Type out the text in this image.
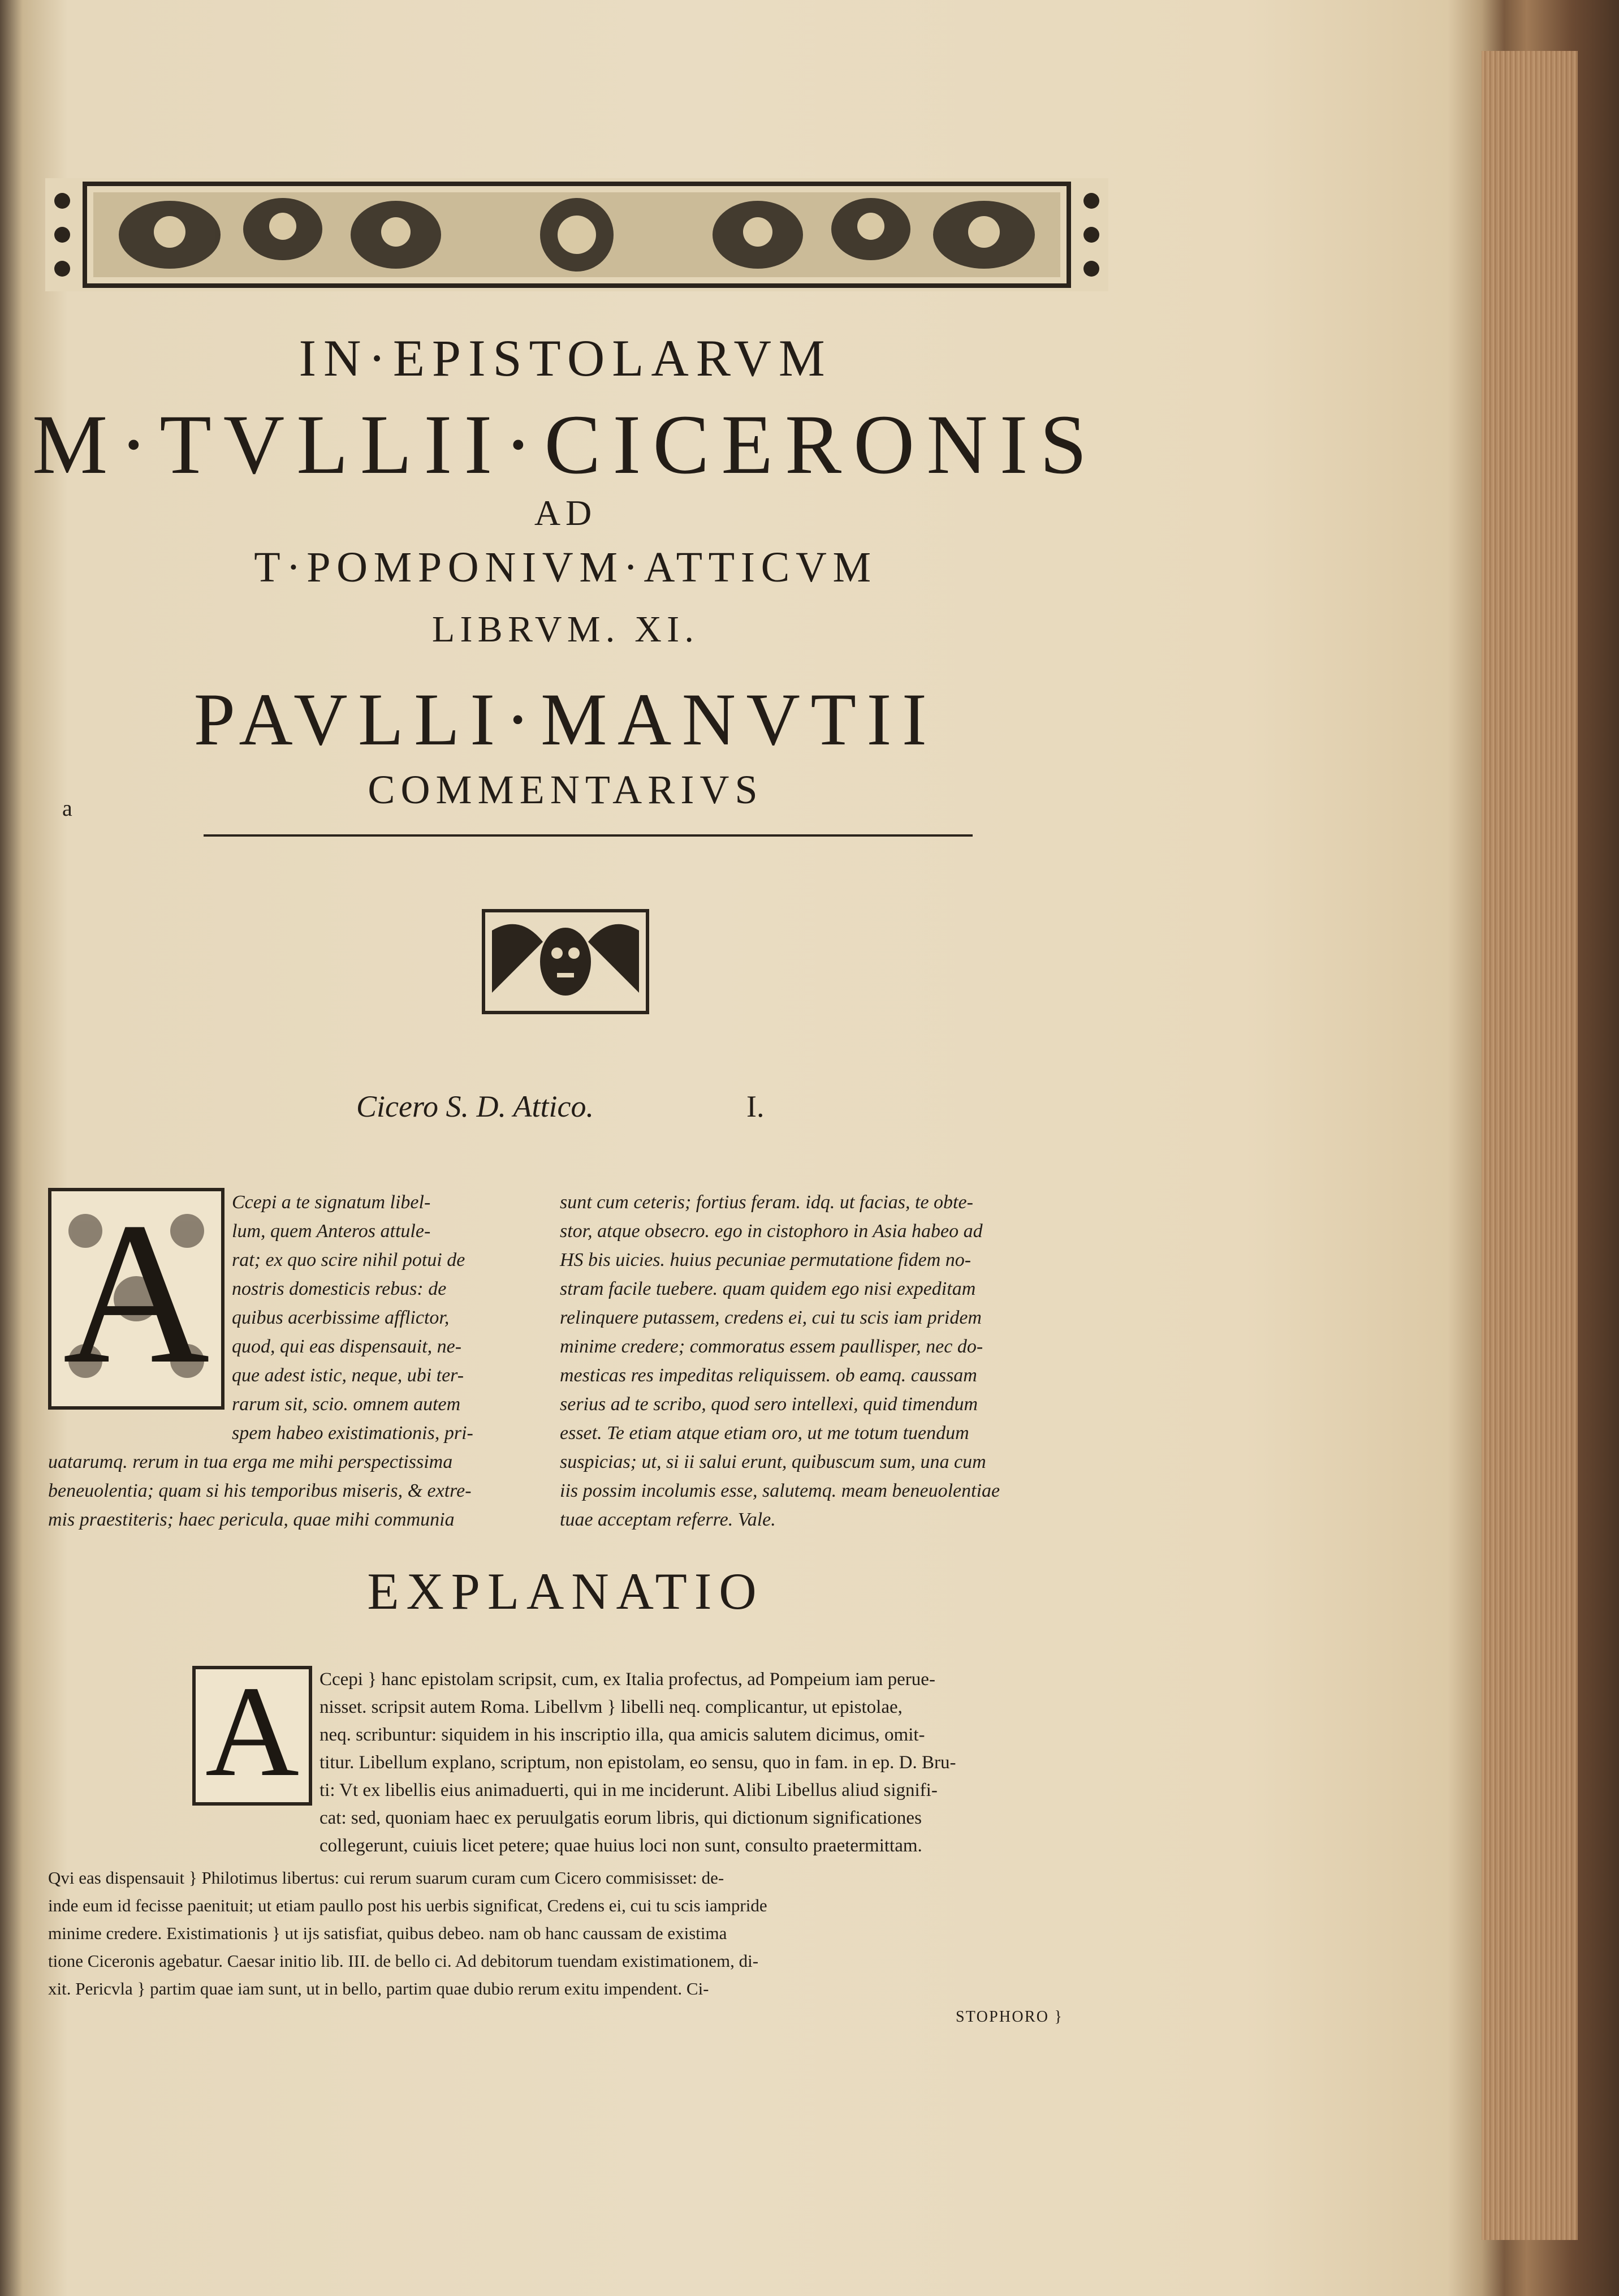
IN·EPISTOLARVM
M·TVLLII·CICERONIS
AD
T·POMPONIVM·ATTICVM
LIBRVM. XI.
PAVLLI·MANVTII
COMMENTARIVS
a
Cicero S. D. Attico.	I.
A	Ccepi a te signatum libel-
lum, quem Anteros attule-
rat; ex quo scire nihil potui de
nostris domesticis rebus: de
quibus acerbissime afflictor,
quod, qui eas dispensauit, ne-
que adest istic, neque, ubi ter-
rarum sit, scio. omnem autem
spem habeo existimationis, pri-
uatarumq. rerum in tua erga me mihi perspectissima
beneuolentia; quam si his temporibus miseris, & extre-
mis praestiteris; haec pericula, quae mihi communia
sunt cum ceteris; fortius feram. idq. ut facias, te obte-
stor, atque obsecro. ego in cistophoro in Asia habeo ad
HS bis uicies. huius pecuniae permutatione fidem no-
stram facile tuebere. quam quidem ego nisi expeditam
relinquere putassem, credens ei, cui tu scis iam pridem
minime credere; commoratus essem paullisper, nec do-
mesticas res impeditas reliquissem. ob eamq. caussam
serius ad te scribo, quod sero intellexi, quid timendum
esset. Te etiam atque etiam oro, ut me totum tuendum
suspicias; ut, si ii salui erunt, quibuscum sum, una cum
iis possim incolumis esse, salutemq. meam beneuolentiae
tuae acceptam referre. Vale.
EXPLANATIO
A	Ccepi } hanc epistolam scripsit, cum, ex Italia profectus, ad Pompeium iam perue-
nisset. scripsit autem Roma. Libellvm } libelli neq. complicantur, ut epistolae,
neq. scribuntur: siquidem in his inscriptio illa, qua amicis salutem dicimus, omit-
titur. Libellum explano, scriptum, non epistolam, eo sensu, quo in fam. in ep. D. Bru-
ti: Vt ex libellis eius animaduerti, qui in me inciderunt. Alibi Libellus aliud signifi-
cat: sed, quoniam haec ex peruulgatis eorum libris, qui dictionum significationes
collegerunt, cuiuis licet petere; quae huius loci non sunt, consulto praetermittam.
Qvi eas dispensauit } Philotimus libertus: cui rerum suarum curam cum Cicero commisisset: de-
inde eum id fecisse paenituit; ut etiam paullo post his uerbis significat, Credens ei, cui tu scis iampride
minime credere. Existimationis } ut ijs satisfiat, quibus debeo. nam ob hanc caussam de existima
tione Ciceronis agebatur. Caesar initio lib. III. de bello ci. Ad debitorum tuendam existimationem, di-
xit. Pericvla } partim quae iam sunt, ut in bello, partim quae dubio rerum exitu impendent. Ci-
STOPHORO }
